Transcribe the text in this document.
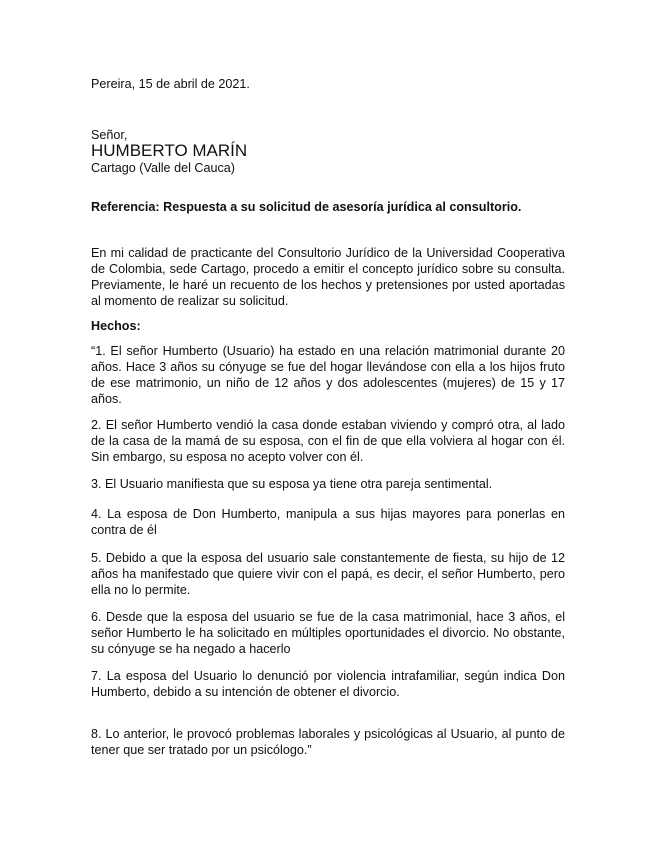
Pereira, 15 de abril de 2021.

Señor,

HUMBERTO MARÍN

Cartago (Valle del Cauca)

Referencia: Respuesta a su solicitud de asesoría jurídica al consultorio.

En mi calidad de practicante del Consultorio Jurídico de la Universidad Cooperativa de Colombia, sede Cartago, procedo a emitir el concepto jurídico sobre su consulta. Previamente, le haré un recuento de los hechos y pretensiones por usted aportadas al momento de realizar su solicitud.

Hechos:

“1. El señor Humberto (Usuario) ha estado en una relación matrimonial durante 20 años. Hace 3 años su cónyuge se fue del hogar llevándose con ella a los hijos fruto de ese matrimonio, un niño de 12 años y dos adolescentes (mujeres) de 15 y 17 años.

2. El señor Humberto vendió la casa donde estaban viviendo y compró otra, al lado de la casa de la mamá de su esposa, con el fin de que ella volviera al hogar con él. Sin embargo, su esposa no acepto volver con él.

3. El Usuario manifiesta que su esposa ya tiene otra pareja sentimental.

4. La esposa de Don Humberto, manipula a sus hijas mayores para ponerlas en contra de él

5. Debido a que la esposa del usuario sale constantemente de fiesta, su hijo de 12 años ha manifestado que quiere vivir con el papá, es decir, el señor Humberto, pero ella no lo permite.

6. Desde que la esposa del usuario se fue de la casa matrimonial, hace 3 años, el señor Humberto le ha solicitado en múltiples oportunidades el divorcio. No obstante, su cónyuge se ha negado a hacerlo

7. La esposa del Usuario lo denunció por violencia intrafamiliar, según indica Don Humberto, debido a su intención de obtener el divorcio.

8. Lo anterior, le provocó problemas laborales y psicológicas al Usuario, al punto de tener que ser tratado por un psicólogo.”
